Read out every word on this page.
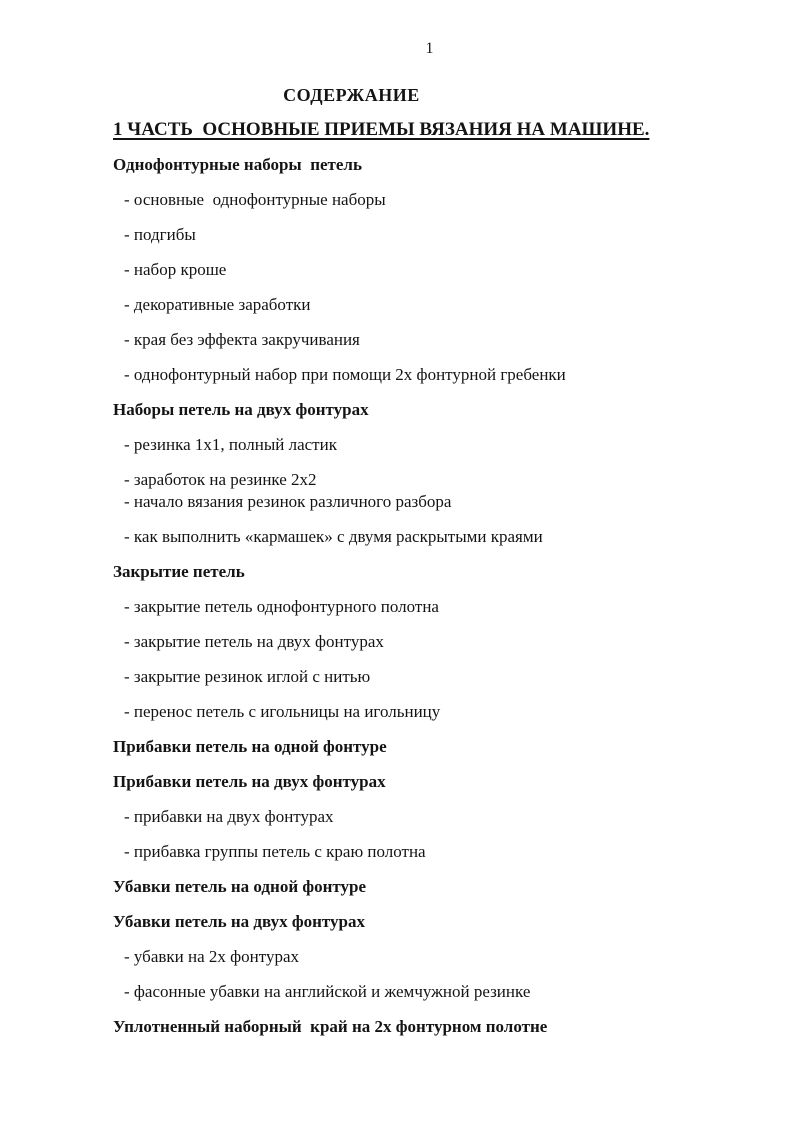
1
СОДЕРЖАНИЕ
1 ЧАСТЬ  ОСНОВНЫЕ ПРИЕМЫ ВЯЗАНИЯ НА МАШИНЕ.
Однофонтурные наборы  петель
- основные  однофонтурные наборы
- подгибы
- набор кроше
- декоративные заработки
- края без эффекта закручивания
- однофонтурный набор при помощи 2х фонтурной гребенки
Наборы петель на двух фонтурах
- резинка 1х1, полный ластик
- заработок на резинке 2х2
- начало вязания резинок различного разбора
- как выполнить «кармашек» с двумя раскрытыми краями
Закрытие петель
- закрытие петель однофонтурного полотна
- закрытие петель на двух фонтурах
- закрытие резинок иглой с нитью
- перенос петель с игольницы на игольницу
Прибавки петель на одной фонтуре
Прибавки петель на двух фонтурах
- прибавки на двух фонтурах
- прибавка группы петель с краю полотна
Убавки петель на одной фонтуре
Убавки петель на двух фонтурах
- убавки на 2х фонтурах
- фасонные убавки на английской и жемчужной резинке
Уплотненный наборный  край на 2х фонтурном полотне
